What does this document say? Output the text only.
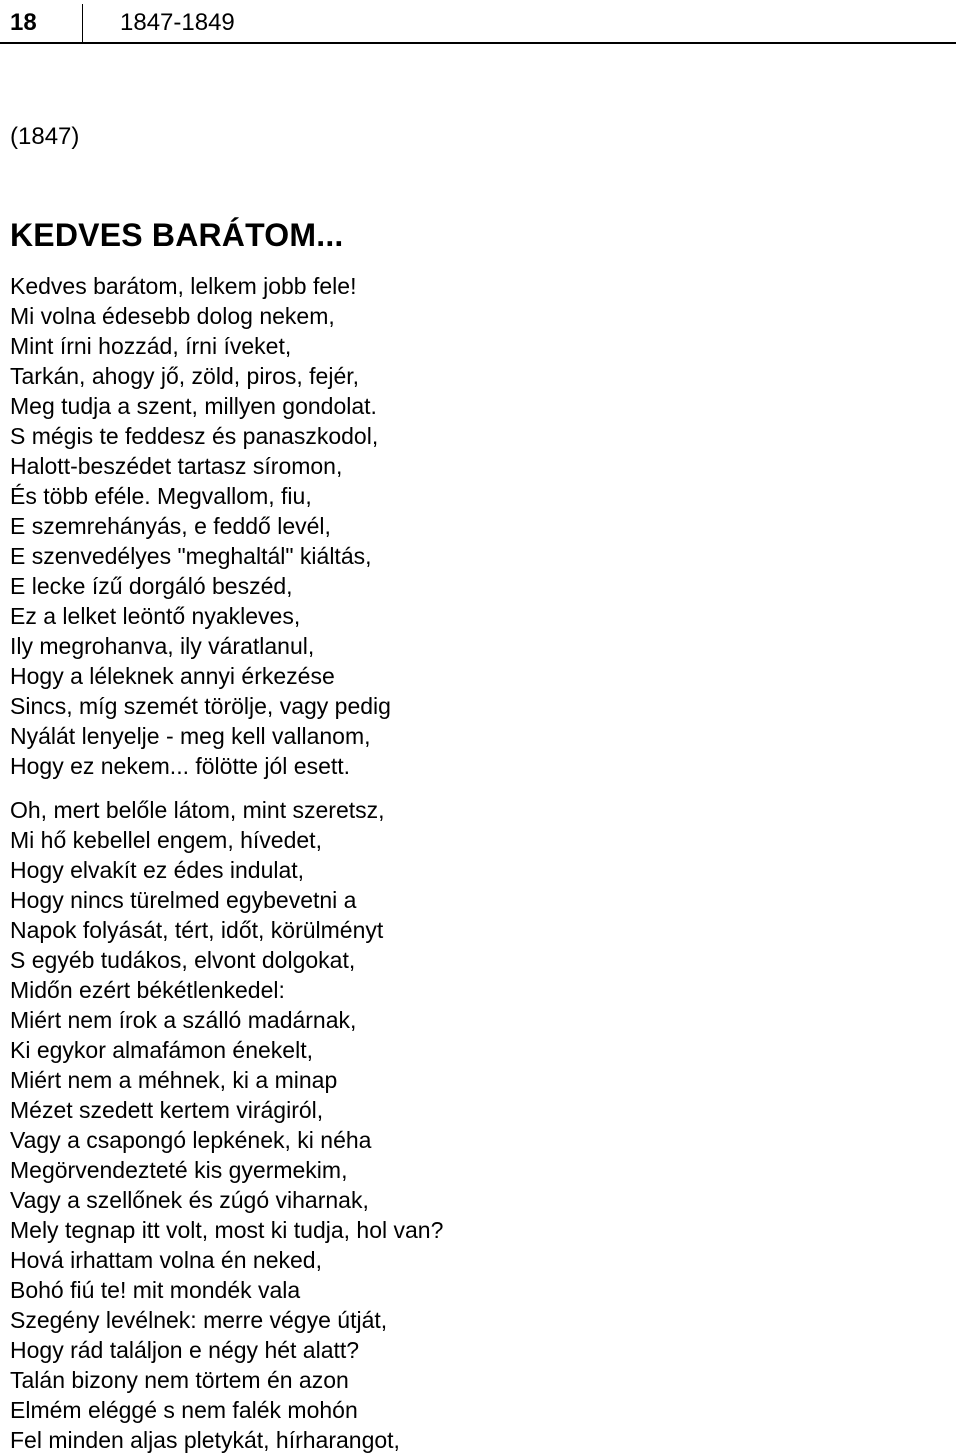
18	1847-1849
(1847)
KEDVES BARÁTOM...
Kedves barátom, lelkem jobb fele!
Mi volna édesebb dolog nekem,
Mint írni hozzád, írni íveket,
Tarkán, ahogy jő, zöld, piros, fejér,
Meg tudja a szent, millyen gondolat.
S mégis te feddesz és panaszkodol,
Halott-beszédet tartasz síromon,
És több eféle. Megvallom, fiu,
E szemrehányás, e feddő levél,
E szenvedélyes "meghaltál" kiáltás,
E lecke ízű dorgáló beszéd,
Ez a lelket leöntő nyakleves,
Ily megrohanva, ily váratlanul,
Hogy a léleknek annyi érkezése
Sincs, míg szemét törölje, vagy pedig
Nyálát lenyelje - meg kell vallanom,
Hogy ez nekem... fölötte jól esett.
Oh, mert belőle látom, mint szeretsz,
Mi hő kebellel engem, hívedet,
Hogy elvakít ez édes indulat,
Hogy nincs türelmed egybevetni a
Napok folyását, tért, időt, körülményt
S egyéb tudákos, elvont dolgokat,
Midőn ezért békétlenkedel:
Miért nem írok a szálló madárnak,
Ki egykor almafámon énekelt,
Miért nem a méhnek, ki a minap
Mézet szedett kertem virágiról,
Vagy a csapongó lepkének, ki néha
Megörvendezteté kis gyermekim,
Vagy a szellőnek és zúgó viharnak,
Mely tegnap itt volt, most ki tudja, hol van?
Hová irhattam volna én neked,
Bohó fiú te! mit mondék vala
Szegény levélnek: merre végye útját,
Hogy rád találjon e négy hét alatt?
Talán bizony nem törtem én azon
Elmém eléggé s nem falék mohón
Fel minden aljas pletykát, hírharangot,
